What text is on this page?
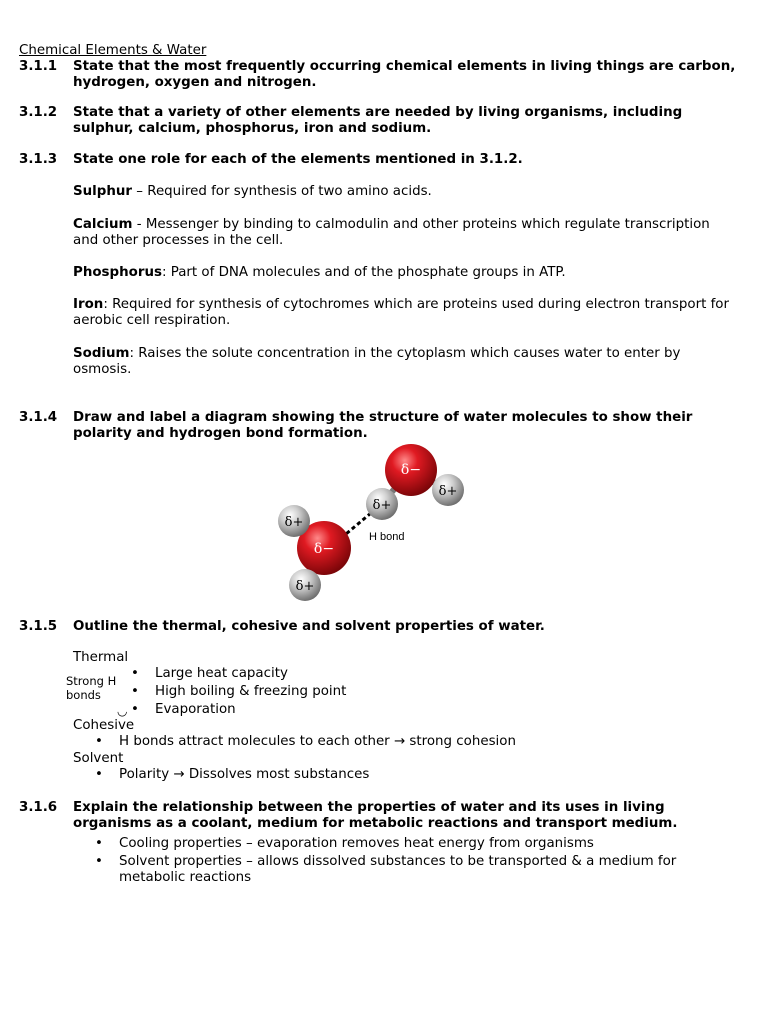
Chemical Elements & Water
3.1.1	State that the most frequently occurring chemical elements in living things are carbon, hydrogen, oxygen and nitrogen.
3.1.2	State that a variety of other elements are needed by living organisms, including sulphur, calcium, phosphorus, iron and sodium.
3.1.3	State one role for each of the elements mentioned in 3.1.2.
Sulphur – Required for synthesis of two amino acids.
Calcium - Messenger by binding to calmodulin and other proteins which regulate transcription and other processes in the cell.
Phosphorus: Part of DNA molecules and of the phosphate groups in ATP.
Iron: Required for synthesis of cytochromes which are proteins used during electron transport for aerobic cell respiration.
Sodium: Raises the solute concentration in the cytoplasm which causes water to enter by osmosis.
3.1.4	Draw and label a diagram showing the structure of water molecules to show their polarity and hydrogen bond formation.
δ−
δ−
δ+
δ+
δ+
δ+
H bond
3.1.5	Outline the thermal, cohesive and solvent properties of water.
Thermal
Strong H bonds
◡
• Large heat capacity
• High boiling & freezing point
• Evaporation
Cohesive
• H bonds attract molecules to each other → strong cohesion
Solvent
• Polarity → Dissolves most substances
3.1.6	Explain the relationship between the properties of water and its uses in living organisms as a coolant, medium for metabolic reactions and transport medium.
•	Cooling properties – evaporation removes heat energy from organisms
•	Solvent properties – allows dissolved substances to be transported & a medium for metabolic reactions
